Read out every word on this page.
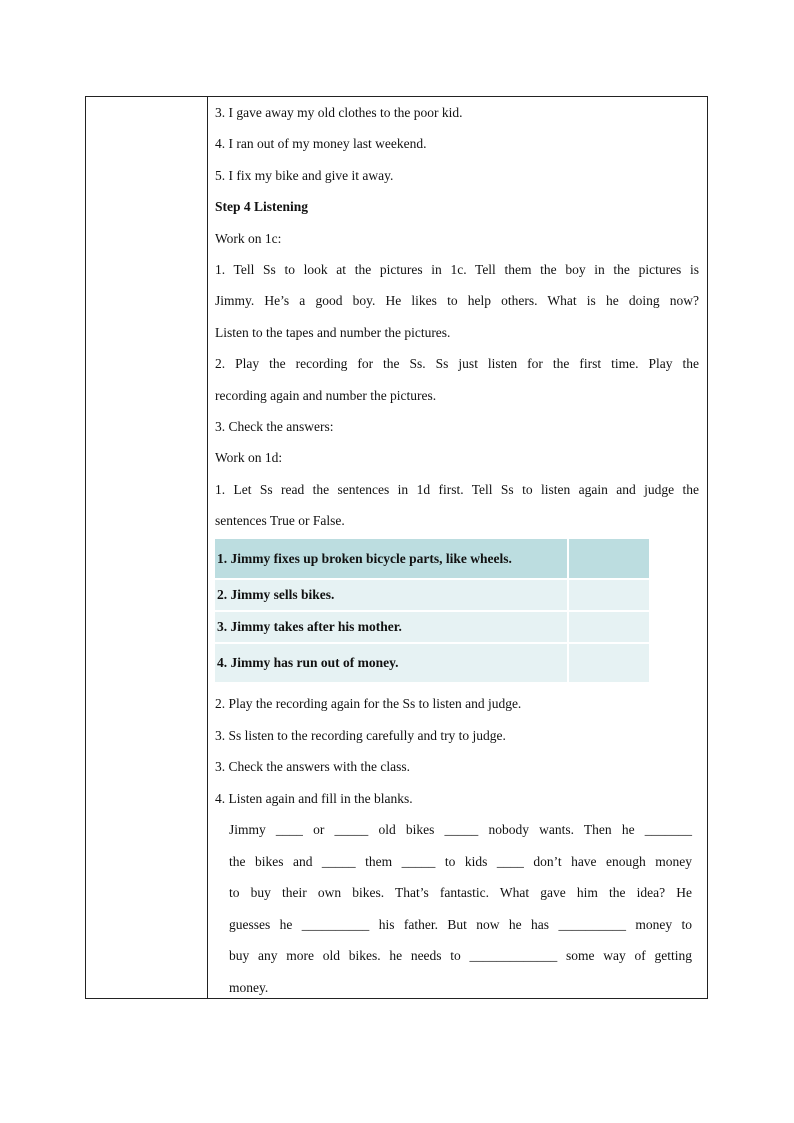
3. I gave away my old clothes to the poor kid.
4. I ran out of my money last weekend.
5. I fix my bike and give it away.
Step 4 Listening
Work on 1c:
1. Tell Ss to look at the pictures in 1c. Tell them the boy in the pictures is
Jimmy. He’s a good boy. He likes to help others. What is he doing now?
Listen to the tapes and number the pictures.
2. Play the recording for the Ss. Ss just listen for the first time. Play the
recording again and number the pictures.
3. Check the answers:
Work on 1d:
1. Let Ss read the sentences in 1d first. Tell Ss to listen again and judge the
sentences True or False.
1. Jimmy fixes up broken bicycle parts, like wheels.	
2. Jimmy sells bikes.	
3. Jimmy takes after his mother.	
4. Jimmy has run out of money.	
2. Play the recording again for the Ss to listen and judge.
3. Ss listen to the recording carefully and try to judge.
3. Check the answers with the class.
4. Listen again and fill in the blanks.
Jimmy ____ or _____ old bikes _____ nobody wants. Then he _______
the bikes and _____ them _____ to kids ____ don’t have enough money
to buy their own bikes. That’s fantastic. What gave him the idea? He
guesses he __________ his father. But now he has __________ money to
buy any more old bikes. he needs to _____________ some way of getting
money.
